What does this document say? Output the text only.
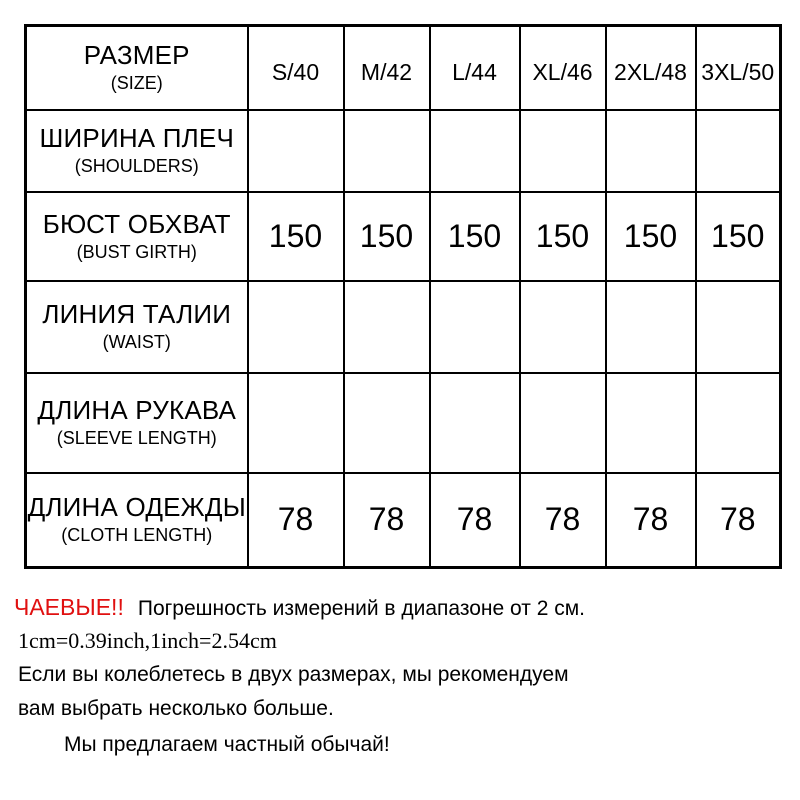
РАЗМЕР
(SIZE)	S/40	M/42	L/44	XL/46	2XL/48	3XL/50

ШИРИНА ПЛЕЧ
(SHOULDERS)						

БЮСТ ОБХВАТ
(BUST GIRTH)	150	150	150	150	150	150

ЛИНИЯ ТАЛИИ
(WAIST)						

ДЛИНА РУКАВА
(SLEEVE LENGTH)						

ДЛИНА ОДЕЖДЫ
(CLOTH LENGTH)	78	78	78	78	78	78
ЧАЕВЫЕ!! Погрешность измерений в диапазоне от 2 см.
1cm=0.39inch,1inch=2.54cm
Если вы колеблетесь в двух размерах, мы рекомендуем
вам выбрать несколько больше.
Мы предлагаем частный обычай!
